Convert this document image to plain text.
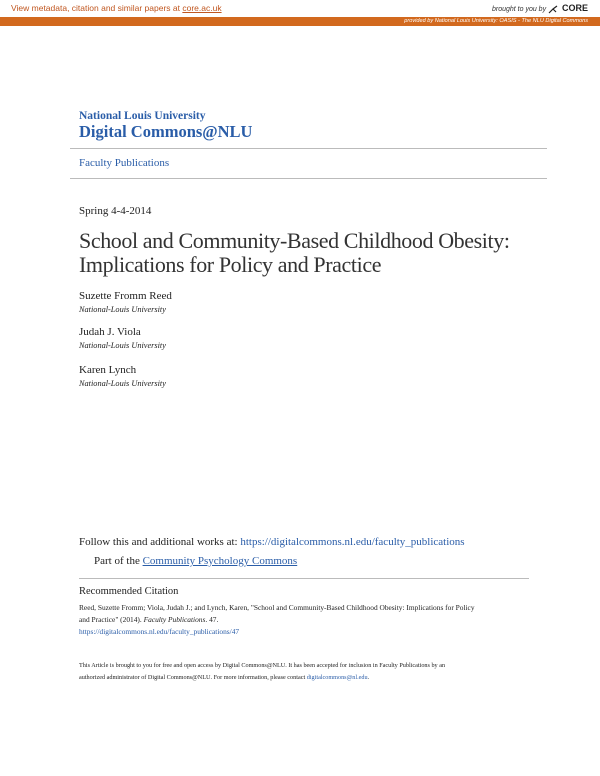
View metadata, citation and similar papers at core.ac.uk	brought to you by CORE
provided by National Louis University: OASIS - The NLU Digital Commons
National Louis University
Digital Commons@NLU
Faculty Publications
Spring 4-4-2014
School and Community-Based Childhood Obesity: Implications for Policy and Practice
Suzette Fromm Reed
National-Louis University
Judah J. Viola
National-Louis University
Karen Lynch
National-Louis University
Follow this and additional works at: https://digitalcommons.nl.edu/faculty_publications
Part of the Community Psychology Commons
Recommended Citation
Reed, Suzette Fromm; Viola, Judah J.; and Lynch, Karen, "School and Community-Based Childhood Obesity: Implications for Policy
and Practice" (2014). Faculty Publications. 47.
https://digitalcommons.nl.edu/faculty_publications/47
This Article is brought to you for free and open access by Digital Commons@NLU. It has been accepted for inclusion in Faculty Publications by an
authorized administrator of Digital Commons@NLU. For more information, please contact digitalcommons@nl.edu.
